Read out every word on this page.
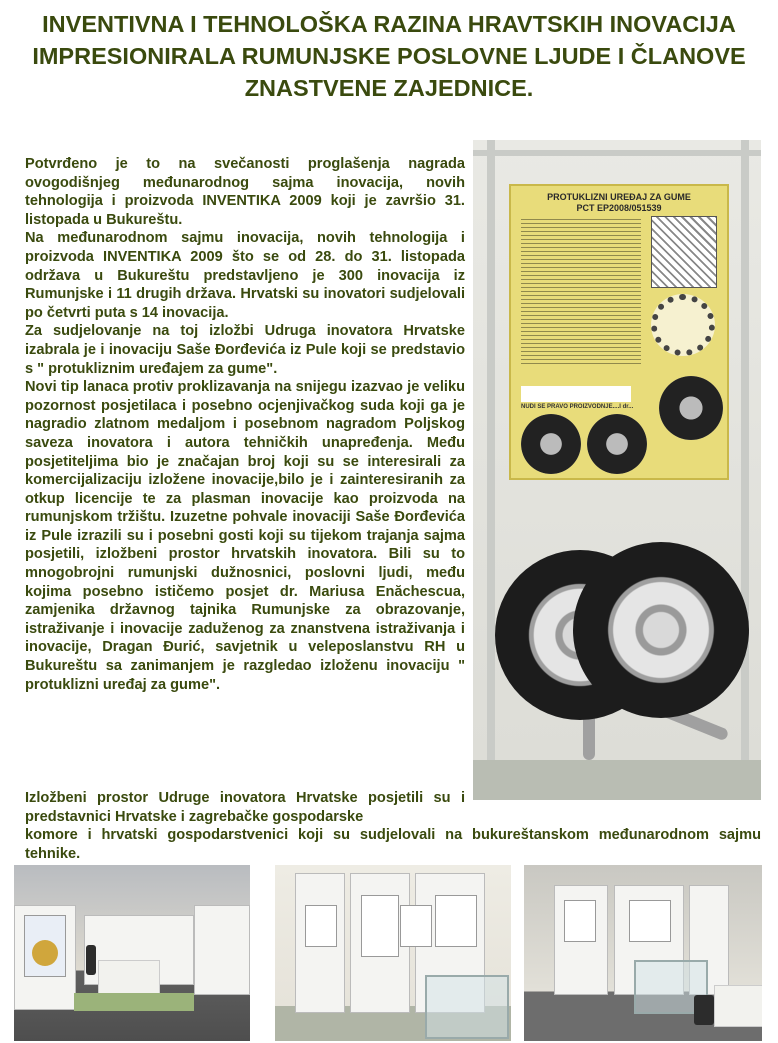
INVENTIVNA I TEHNOLOŠKA RAZINA HRAVTSKIH INOVACIJA IMPRESIONIRALA RUMUNJSKE POSLOVNE LJUDE I ČLANOVE ZNASTVENE ZAJEDNICE.

Potvrđeno je to na svečanosti proglašenja nagrada ovogodišnjeg međunarodnog sajma inovacija, novih tehnologija i proizvoda INVENTIKA 2009 koji je završio 31. listopada u Bukureštu.

Na međunarodnom sajmu inovacija, novih tehnologija i proizvoda INVENTIKA 2009 što se od 28. do 31. listopada održava u Bukureštu predstavljeno je 300 inovacija iz Rumunjske i 11 drugih država. Hrvatski su inovatori sudjelovali po četvrti puta s 14 inovacija.

Za sudjelovanje na toj izložbi Udruga inovatora Hrvatske izabrala je i inovaciju Saše Đorđevića iz Pule koji se predstavio s " protukliznim uređajem za gume".

Novi tip lanaca protiv proklizavanja na snijegu izazvao je veliku pozornost posjetilaca i posebno ocjenjivačkog suda koji ga je nagradio zlatnom medaljom i posebnom nagradom Poljskog saveza inovatora i autora tehničkih unapređenja. Među posjetiteljima bio je značajan broj koji su se interesirali za komercijalizaciju izložene inovacije,bilo je i zainteresiranih za otkup licencije te za plasman inovacije kao proizvoda na rumunjskom tržištu. Izuzetne pohvale inovaciji Saše Đorđevića iz Pule izrazili su i posebni gosti koji su tijekom trajanja sajma posjetili, izložbeni prostor hrvatskih inovatora. Bili su to mnogobrojni rumunjski dužnosnici, poslovni ljudi, među kojima posebno ističemo posjet dr. Mariusa Enăchescua, zamjenika državnog tajnika Rumunjske za obrazovanje, istraživanje i inovacije zaduženog za znanstvena istraživanja i inovacije, Dragan Đurić, savjetnik u veleposlanstvu RH u Bukureštu sa zanimanjem je razgledao izloženu inovaciju " protuklizni uređaj za gume".

Izložbeni prostor Udruge inovatora Hrvatske posjetili su i predstavnici Hrvatske i zagrebačke gospodarske
komore i hrvatski gospodarstvenici koji su sudjelovali na bukureštanskom međunarodnom sajmu tehnike.
PROTUKLIZNI UREĐAJ ZA GUME
PCT EP2008/051539
NUDI SE PRAVO PROIZVODNJE....I dr...
